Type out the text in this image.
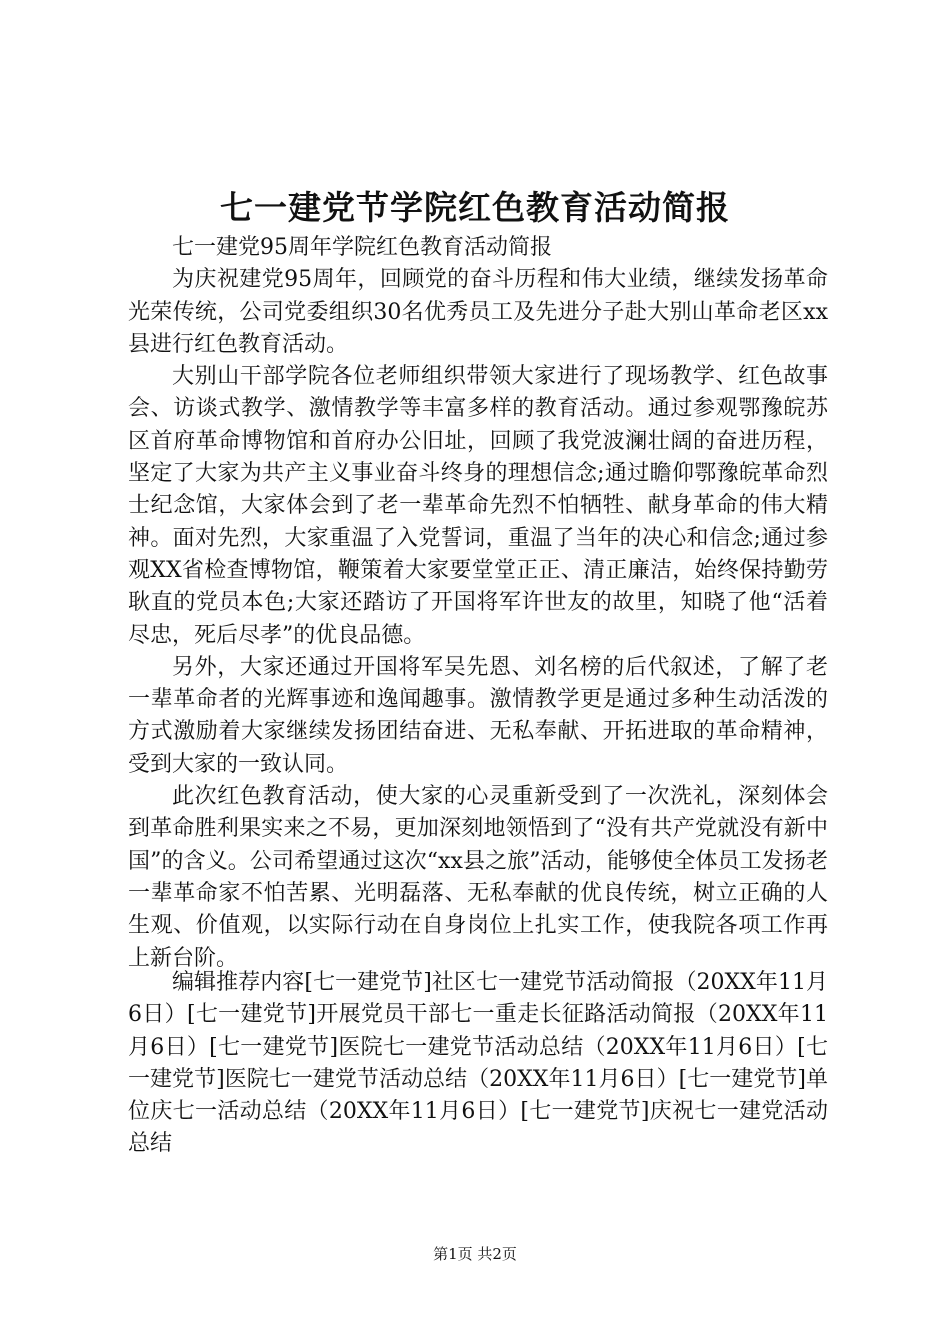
七一建党节学院红色教育活动简报

七一建党95周年学院红色教育活动简报

为庆祝建党95周年，回顾党的奋斗历程和伟大业绩，继续发扬革命光荣传统，公司党委组织30名优秀员工及先进分子赴大别山革命老区xx县进行红色教育活动。

大别山干部学院各位老师组织带领大家进行了现场教学、红色故事会、访谈式教学、激情教学等丰富多样的教育活动。通过参观鄂豫皖苏区首府革命博物馆和首府办公旧址，回顾了我党波澜壮阔的奋进历程，坚定了大家为共产主义事业奋斗终身的理想信念;通过瞻仰鄂豫皖革命烈士纪念馆，大家体会到了老一辈革命先烈不怕牺牲、献身革命的伟大精神。面对先烈，大家重温了入党誓词，重温了当年的决心和信念;通过参观XX省检查博物馆，鞭策着大家要堂堂正正、清正廉洁，始终保持勤劳耿直的党员本色;大家还踏访了开国将军许世友的故里，知晓了他“活着尽忠，死后尽孝”的优良品德。

另外，大家还通过开国将军吴先恩、刘名榜的后代叙述，了解了老一辈革命者的光辉事迹和逸闻趣事。激情教学更是通过多种生动活泼的方式激励着大家继续发扬团结奋进、无私奉献、开拓进取的革命精神，受到大家的一致认同。

此次红色教育活动，使大家的心灵重新受到了一次洗礼，深刻体会到革命胜利果实来之不易，更加深刻地领悟到了“没有共产党就没有新中国”的含义。公司希望通过这次“xx县之旅”活动，能够使全体员工发扬老一辈革命家不怕苦累、光明磊落、无私奉献的优良传统，树立正确的人生观、价值观，以实际行动在自身岗位上扎实工作，使我院各项工作再上新台阶。

编辑推荐内容[七一建党节]社区七一建党节活动简报（20XX年11月6日）[七一建党节]开展党员干部七一重走长征路活动简报（20XX年11月6日）[七一建党节]医院七一建党节活动总结（20XX年11月6日）[七一建党节]医院七一建党节活动总结（20XX年11月6日）[七一建党节]单位庆七一活动总结（20XX年11月6日）[七一建党节]庆祝七一建党活动总结

第1页 共2页
